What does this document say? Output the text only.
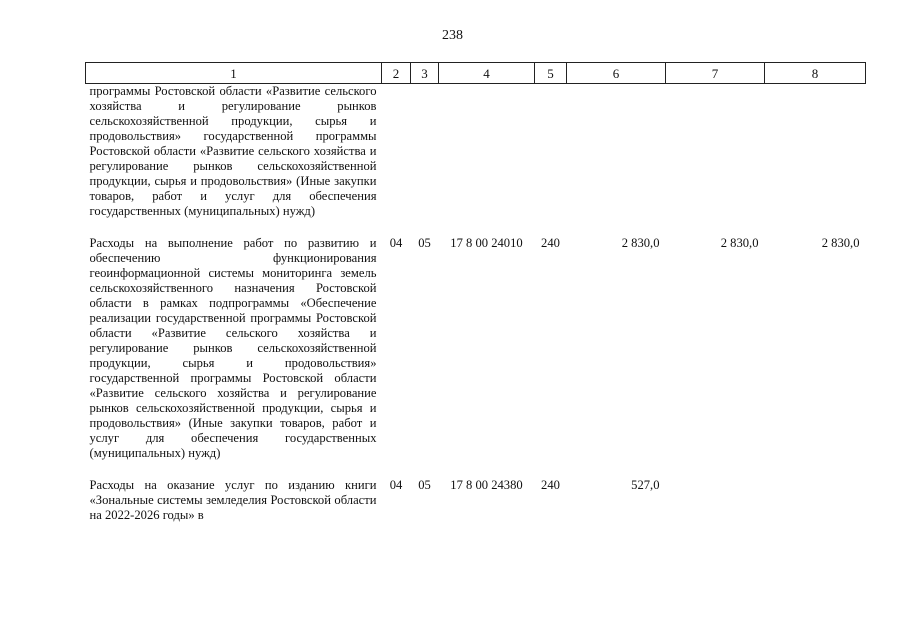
238
1	2	3	4	5	6	7	8
программы Ростовской области «Развитие сельского хозяйства и регулирование рынков сельскохозяйственной продукции, сырья и продовольствия» государственной программы Ростовской области «Развитие сельского хозяйства и регулирование рынков сельскохозяйственной продукции, сырья и продовольствия» (Иные закупки товаров, работ и услуг для обеспечения государственных (муниципальных) нужд)							

Расходы на выполнение работ по развитию и обеспечению функционирования геоинформационной системы мониторинга земель сельскохозяйственного назначения Ростовской области в рамках подпрограммы «Обеспечение реализации государственной программы Ростовской области «Развитие сельского хозяйства и регулирование рынков сельскохозяйственной продукции, сырья и продовольствия» государственной программы Ростовской области «Развитие сельского хозяйства и регулирование рынков сельскохозяйственной продукции, сырья и продовольствия» (Иные закупки товаров, работ и услуг для обеспечения государственных (муниципальных) нужд)	04	05	17 8 00 24010	240	2 830,0	2 830,0	2 830,0

Расходы на оказание услуг по изданию книги «Зональные системы земледелия Ростовской области на 2022-2026 годы» в	04	05	17 8 00 24380	240	527,0		
